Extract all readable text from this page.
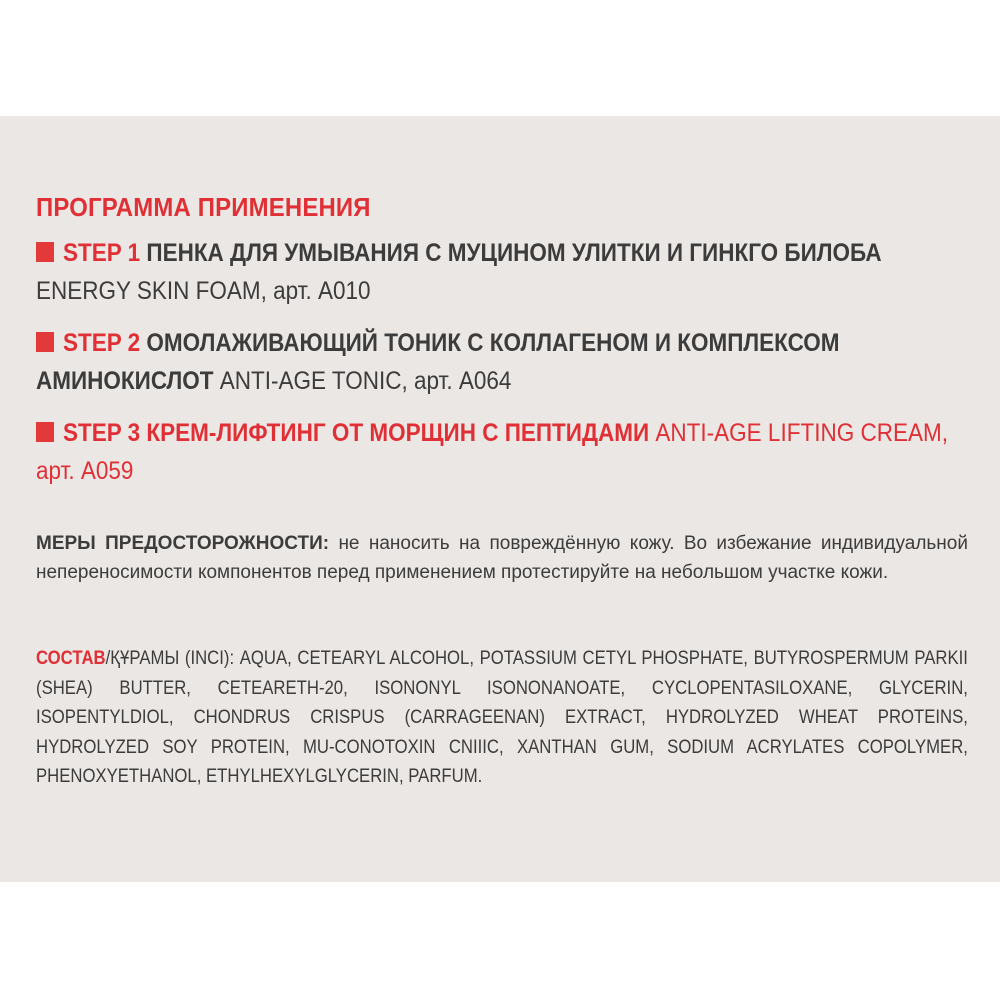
ПРОГРАММА ПРИМЕНЕНИЯ
STEP 1 ПЕНКА ДЛЯ УМЫВАНИЯ С МУЦИНОМ УЛИТКИ И ГИНКГО БИЛОБА ENERGY SKIN FOAM, арт. A010
STEP 2 ОМОЛАЖИВАЮЩИЙ ТОНИК С КОЛЛАГЕНОМ И КОМПЛЕКСОМ АМИНОКИСЛОТ ANTI-AGE TONIC, арт. A064
STEP 3 КРЕМ-ЛИФТИНГ ОТ МОРЩИН С ПЕПТИДАМИ ANTI-AGE LIFTING CREAM, арт. A059
МЕРЫ ПРЕДОСТОРОЖНОСТИ: не наносить на повреждённую кожу. Во избежание индивидуальной непереносимости компонентов перед применением протестируйте на небольшом участке кожи.
СОСТАВ/ҚҰРАМЫ (INCI): AQUA, CETEARYL ALCOHOL, POTASSIUM CETYL PHOSPHATE, BUTYROSPERMUM PARKII (SHEA) BUTTER, CETEARETH-20, ISONONYL ISONONANOATE, CYCLOPENTASILOXANE, GLYCERIN, ISOPENTYLDIOL, CHONDRUS CRISPUS (CARRAGEENAN) EXTRACT, HYDROLYZED WHEAT PROTEINS, HYDROLYZED SOY PROTEIN, MU-CONOTOXIN CNIIIC, XANTHAN GUM, SODIUM ACRYLATES COPOLYMER, PHENOXYETHANOL, ETHYLHEXYLGLYCERIN, PARFUM.
